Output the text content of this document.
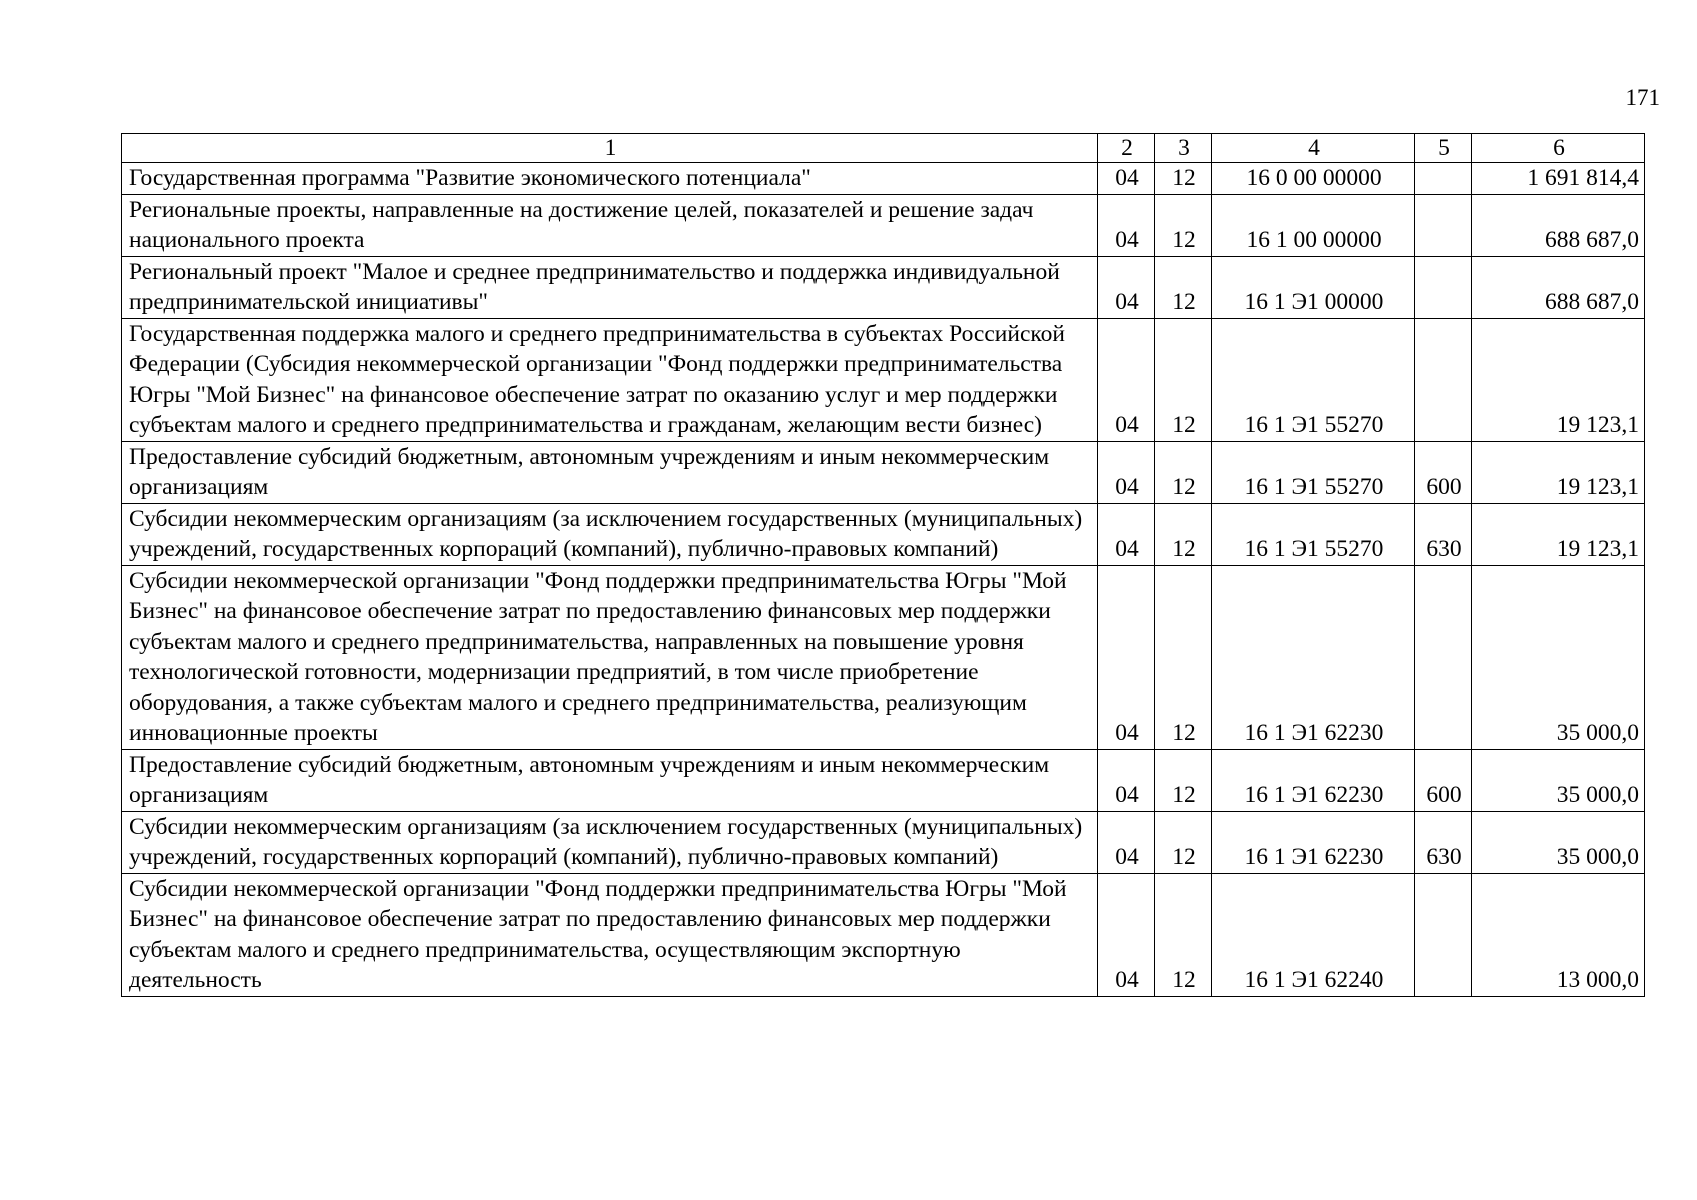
171
1	2	3	4	5	6
Государственная программа "Развитие экономического потенциала"	04	12	16 0 00 00000		1 691 814,4
Региональные проекты, направленные на достижение целей, показателей и решение задач национального проекта	04	12	16 1 00 00000		688 687,0
Региональный проект "Малое и среднее предпринимательство и поддержка индивидуальной предпринимательской инициативы"	04	12	16 1 Э1 00000		688 687,0
Государственная поддержка малого и среднего предпринимательства в субъектах Российской Федерации (Субсидия некоммерческой организации "Фонд поддержки предпринимательства Югры "Мой Бизнес" на финансовое обеспечение затрат по оказанию услуг и мер поддержки субъектам малого и среднего предпринимательства и гражданам, желающим вести бизнес)	04	12	16 1 Э1 55270		19 123,1
Предоставление субсидий бюджетным, автономным учреждениям и иным некоммерческим организациям	04	12	16 1 Э1 55270	600	19 123,1
Субсидии некоммерческим организациям (за исключением государственных (муниципальных) учреждений, государственных корпораций (компаний), публично-правовых компаний)	04	12	16 1 Э1 55270	630	19 123,1
Субсидии некоммерческой организации "Фонд поддержки предпринимательства Югры "Мой Бизнес" на финансовое обеспечение затрат по предоставлению финансовых мер поддержки субъектам малого и среднего предпринимательства, направленных на повышение уровня технологической готовности, модернизации предприятий, в том числе приобретение оборудования, а также субъектам малого и среднего предпринимательства, реализующим инновационные проекты	04	12	16 1 Э1 62230		35 000,0
Предоставление субсидий бюджетным, автономным учреждениям и иным некоммерческим организациям	04	12	16 1 Э1 62230	600	35 000,0
Субсидии некоммерческим организациям (за исключением государственных (муниципальных) учреждений, государственных корпораций (компаний), публично-правовых компаний)	04	12	16 1 Э1 62230	630	35 000,0
Субсидии некоммерческой организации "Фонд поддержки предпринимательства Югры "Мой Бизнес" на финансовое обеспечение затрат по предоставлению финансовых мер поддержки субъектам малого и среднего предпринимательства, осуществляющим экспортную деятельность	04	12	16 1 Э1 62240		13 000,0
